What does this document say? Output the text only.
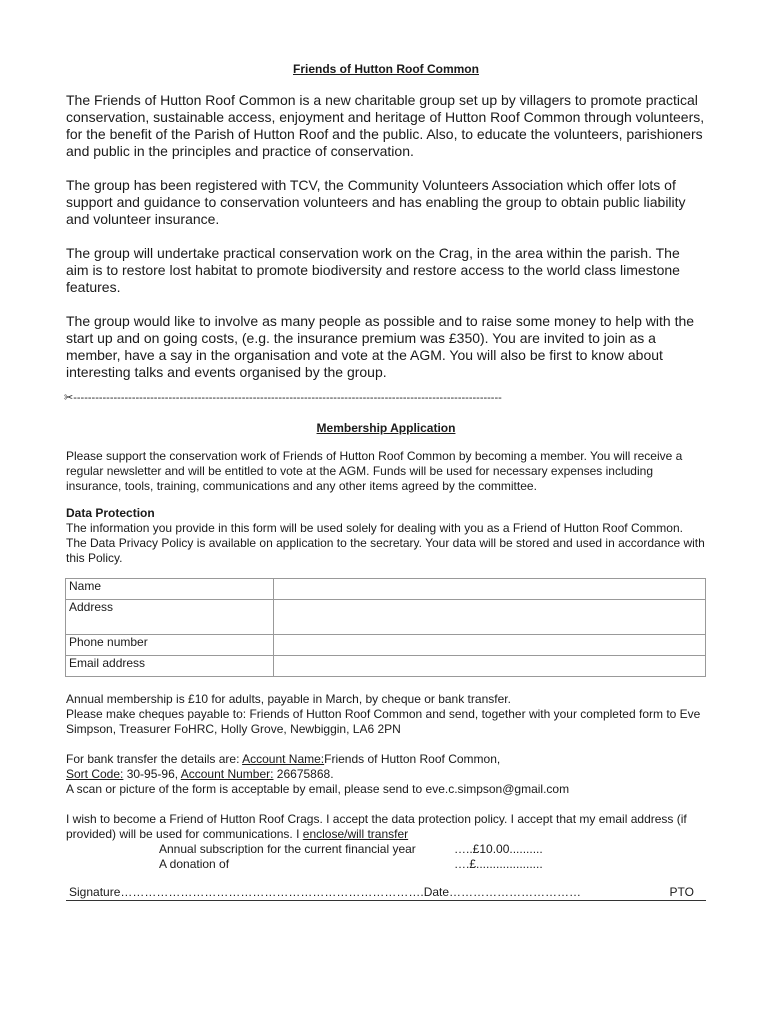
Friends of Hutton Roof Common

The Friends of Hutton Roof Common is a new charitable group set up by villagers to promote practical conservation, sustainable access, enjoyment and heritage of Hutton Roof Common through volunteers, for the benefit of the Parish of Hutton Roof and the public. Also, to educate the volunteers, parishioners and public in the principles and practice of conservation.

The group has been registered with TCV, the Community Volunteers Association which offer lots of support and guidance to conservation volunteers and has enabling the group to obtain public liability and volunteer insurance.

The group will undertake practical conservation work on the Crag, in the area within the parish. The aim is to restore lost habitat to promote biodiversity and restore access to the world class limestone features.

The group would like to involve as many people as possible and to raise some money to help with the start up and on going costs, (e.g. the insurance premium was £350). You are invited to join as a member, have a say in the organisation and vote at the AGM. You will also be first to know about interesting talks and events organised by the group.

✂---------------------------------------------------------------------------------------------------------------------
Membership Application

Please support the conservation work of Friends of Hutton Roof Common by becoming a member. You will receive a regular newsletter and will be entitled to vote at the AGM. Funds will be used for necessary expenses including insurance, tools, training, communications and any other items agreed by the committee.

Data Protection

The information you provide in this form will be used solely for dealing with you as a Friend of Hutton Roof Common. The Data Privacy Policy is available on application to the secretary. Your data will be stored and used in accordance with this Policy.

Name	
Address	
Phone number	
Email address	

Annual membership is £10 for adults, payable in March, by cheque or bank transfer.

Please make cheques payable to: Friends of Hutton Roof Common and send, together with your completed form to Eve Simpson, Treasurer FoHRC, Holly Grove, Newbiggin, LA6 2PN

For bank transfer the details are: Account Name:Friends of Hutton Roof Common,

Sort Code: 30-95-96, Account Number: 26675868.

A scan or picture of the form is acceptable by email, please send to eve.c.simpson@gmail.com

I wish to become a Friend of Hutton Roof Crags. I accept the data protection policy. I accept that my email address (if provided) will be used for communications. I enclose/will transfer

Annual subscription for the current financial year	…..£10.00..........
A donation of	….£....................
Signature………………………………………………………………….Date……………………………	PTO
